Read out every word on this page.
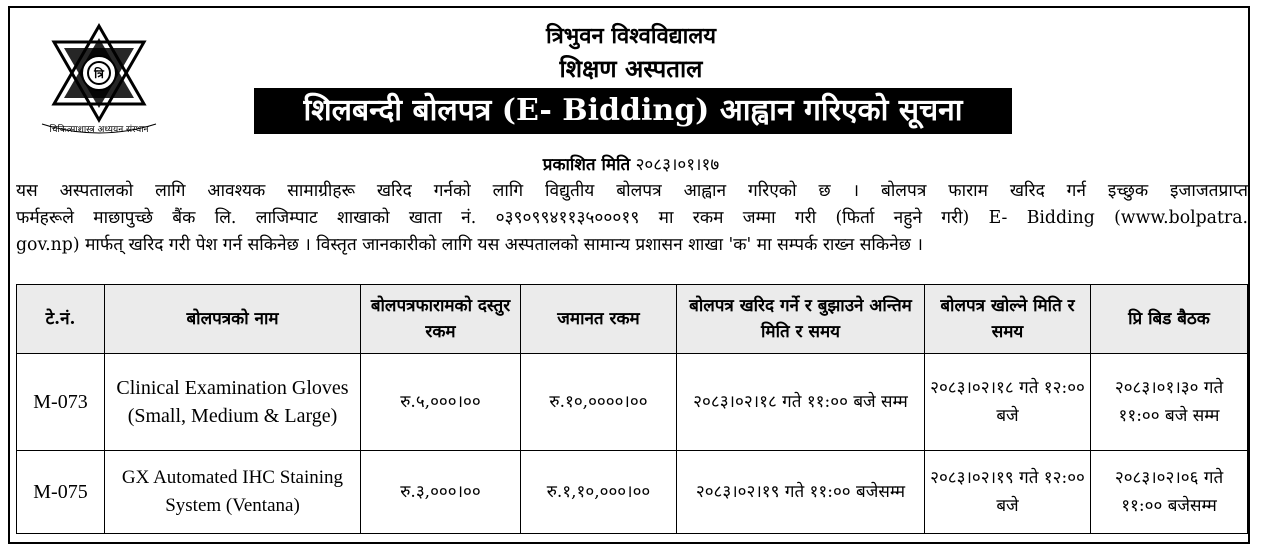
त्रि
चिकित्साशास्त्र अध्ययन संस्थान
त्रिभुवन विश्वविद्यालय
शिक्षण अस्पताल
शिलबन्दी बोलपत्र (E- Bidding) आह्वान गरिएको सूचना
प्रकाशित मिति २०८३।०१।१७

यस अस्पतालको लागि आवश्यक सामाग्रीहरू खरिद गर्नको लागि विद्युतीय बोलपत्र आह्वान गरिएको छ । बोलपत्र फाराम खरिद गर्न इच्छुक इजाजतप्राप्त

फर्महरूले माछापुच्छे बैंक लि. लाजिम्पाट शाखाको खाता नं. ०३९०९९४११३५०००१९ मा रकम जम्मा गरी (फिर्ता नहुने गरी) E- Bidding (www.bolpatra.

gov.np) मार्फत् खरिद गरी पेश गर्न सकिनेछ । विस्तृत जानकारीको लागि यस अस्पतालको सामान्य प्रशासन शाखा 'क' मा सम्पर्क राख्न सकिनेछ ।

टे.नं.	बोलपत्रको नाम	बोलपत्रफारामको दस्तुर रकम	जमानत रकम	बोलपत्र खरिद गर्ने र बुझाउने अन्तिम मिति र समय	बोलपत्र खोल्ने मिति र समय	प्रि बिड बैठक
M-073	Clinical Examination Gloves (Small, Medium & Large)	रु.५,०००।००	रु.१०,००००।००	२०८३।०२।१८ गते ११:०० बजे सम्म	२०८३।०२।१८ गते १२:०० बजे	२०८३।०१।३० गते ११:०० बजे सम्म
M-075	GX Automated IHC Staining System (Ventana)	रु.३,०००।००	रु.१,१०,०००।००	२०८३।०२।१९ गते ११:०० बजेसम्म	२०८३।०२।१९ गते १२:०० बजे	२०८३।०२।०६ गते ११:०० बजेसम्म
